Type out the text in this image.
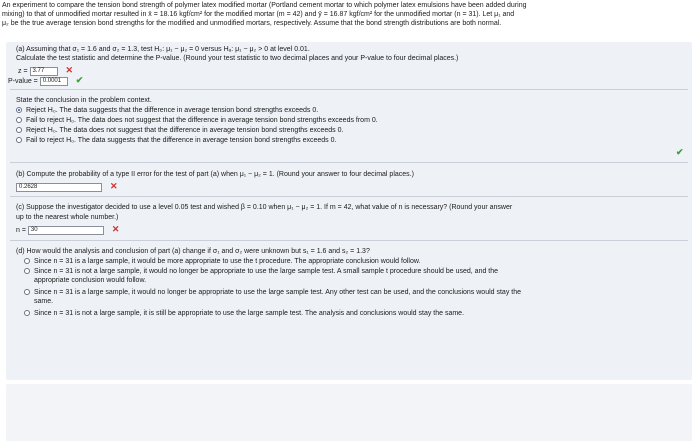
An experiment to compare the tension bond strength of polymer latex modified mortar (Portland cement mortar to which polymer latex emulsions have been added during
mixing) to that of unmodified mortar resulted in x̄ = 18.16 kgf/cm² for the modified mortar (m = 42) and ȳ = 16.87 kgf/cm² for the unmodified mortar (n = 31). Let μ₁ and
μ₂ be the true average tension bond strengths for the modified and unmodified mortars, respectively. Assume that the bond strength distributions are both normal.
(a) Assuming that σ₁ = 1.6 and σ₂ = 1.3, test H₀: μ₁ − μ₂ = 0 versus Hₐ: μ₁ − μ₂ > 0 at level 0.01.
Calculate the test statistic and determine the P-value. (Round your test statistic to two decimal places and your P-value to four decimal places.)
z = 3.77 ✕
P-value = 0.0001 ✔
State the conclusion in the problem context.
Reject H₀. The data suggests that the difference in average tension bond strengths exceeds 0.
Fail to reject H₀. The data does not suggest that the difference in average tension bond strengths exceeds from 0.
Reject H₀. The data does not suggest that the difference in average tension bond strengths exceeds 0.
Fail to reject H₀. The data suggests that the difference in average tension bond strengths exceeds 0.
✔
(b) Compute the probability of a type II error for the test of part (a) when μ₁ − μ₂ = 1. (Round your answer to four decimal places.)
0.2628	✕
(c) Suppose the investigator decided to use a level 0.05 test and wished β = 0.10 when μ₁ − μ₂ = 1. If m = 42, what value of n is necessary? (Round your answer
up to the nearest whole number.)
n = 30	✕
(d) How would the analysis and conclusion of part (a) change if σ₁ and σ₂ were unknown but s₁ = 1.6 and s₂ = 1.3?
Since n = 31 is a large sample, it would be more appropriate to use the t procedure. The appropriate conclusion would follow.
Since n = 31 is not a large sample, it would no longer be appropriate to use the large sample test. A small sample t procedure should be used, and the
appropriate conclusion would follow.
Since n = 31 is a large sample, it would no longer be appropriate to use the large sample test. Any other test can be used, and the conclusions would stay the
same.
Since n = 31 is not a large sample, it is still be appropriate to use the large sample test. The analysis and conclusions would stay the same.
